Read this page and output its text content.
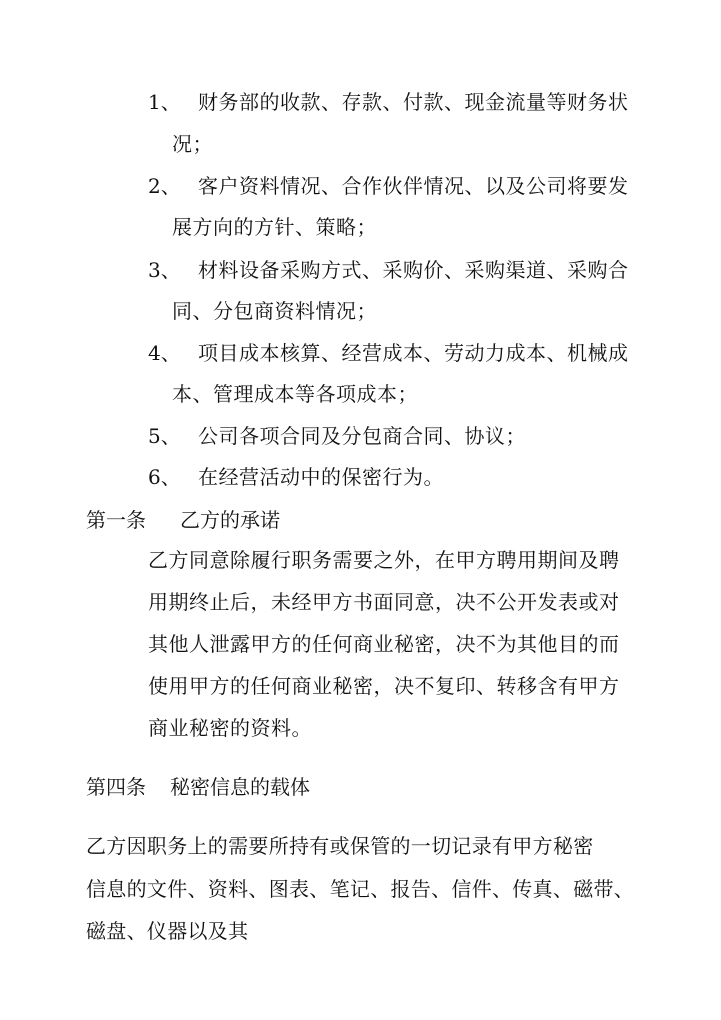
1、 财务部的收款、存款、付款、现金流量等财务状
况；
2、 客户资料情况、合作伙伴情况、以及公司将要发
展方向的方针、策略；
3、 材料设备采购方式、采购价、采购渠道、采购合
同、分包商资料情况；
4、 项目成本核算、经营成本、劳动力成本、机械成
本、管理成本等各项成本；
5、 公司各项合同及分包商合同、协议；
6、 在经营活动中的保密行为。
第一条 乙方的承诺
乙方同意除履行职务需要之外，在甲方聘用期间及聘
用期终止后，未经甲方书面同意，决不公开发表或对
其他人泄露甲方的任何商业秘密，决不为其他目的而
使用甲方的任何商业秘密，决不复印、转移含有甲方
商业秘密的资料。
第四条 秘密信息的载体
乙方因职务上的需要所持有或保管的一切记录有甲方秘密
信息的文件、资料、图表、笔记、报告、信件、传真、磁带、
磁盘、仪器以及其
